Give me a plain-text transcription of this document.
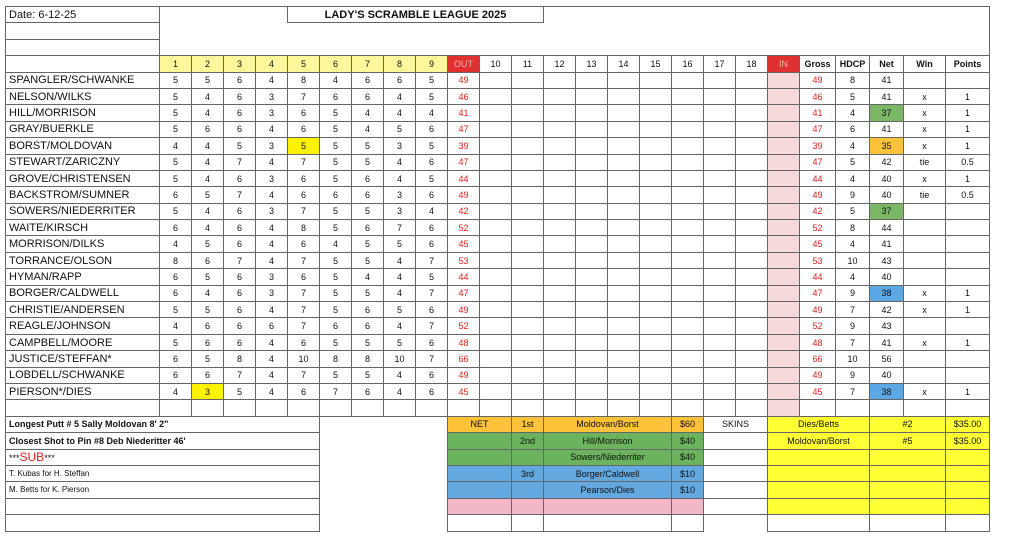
Date: 6-12-25					LADY'S SCRAMBLE LEAGUE 2025																				

	1	2	3	4	5	6	7	8	9	OUT	10	11	12	13	14	15	16	17	18	IN	Gross	HDCP	Net	Win	Points
SPANGLER/SCHWANKE	5	5	6	4	8	4	6	6	5	49											49	8	41		
NELSON/WILKS	5	4	6	3	7	6	6	4	5	46											46	5	41	x	1
HILL/MORRISON	5	4	6	3	6	5	4	4	4	41											41	4	37	x	1
GRAY/BUERKLE	5	6	6	4	6	5	4	5	6	47											47	6	41	x	1
BORST/MOLDOVAN	4	4	5	3	5	5	5	3	5	39											39	4	35	x	1
STEWART/ZARICZNY	5	4	7	4	7	5	5	4	6	47											47	5	42	tie	0.5
GROVE/CHRISTENSEN	5	4	6	3	6	5	6	4	5	44											44	4	40	x	1
BACKSTROM/SUMNER	6	5	7	4	6	6	6	3	6	49											49	9	40	tie	0.5
SOWERS/NIEDERRITER	5	4	6	3	7	5	5	3	4	42											42	5	37		
WAITE/KIRSCH	6	4	6	4	8	5	6	7	6	52											52	8	44		
MORRISON/DILKS	4	5	6	4	6	4	5	5	6	45											45	4	41		
TORRANCE/OLSON	8	6	7	4	7	5	5	4	7	53											53	10	43		
HYMAN/RAPP	6	5	6	3	6	5	4	4	5	44											44	4	40		
BORGER/CALDWELL	6	4	6	3	7	5	5	4	7	47											47	9	38	x	1
CHRISTIE/ANDERSEN	5	5	6	4	7	5	6	5	6	49											49	7	42	x	1
REAGLE/JOHNSON	4	6	6	6	7	6	6	4	7	52											52	9	43		
CAMPBELL/MOORE	5	6	6	4	6	5	5	5	6	48											48	7	41	x	1
JUSTICE/STEFFAN*	6	5	8	4	10	8	8	10	7	66											66	10	56		
LOBDELL/SCHWANKE	6	6	7	4	7	5	5	4	6	49											49	9	40		
PIERSON*/DIES	4	3	5	4	6	7	6	4	6	45											45	7	38	x	1

Longest Putt # 5 Sally Moldovan 8' 2"										NET		1st	Moldovan/Borst				$60	SKINS		Dies/Betts			#2		$35.00
Closest Shot to Pin #8 Deb Niederitter 46'												2nd	Hill/Morrison				$40			Moldovan/Borst			#5		$35.00
***SUB***													Sowers/Niederriter				$40								
T. Kubas for H. Steffan												3rd	Borger/Caldwell				$10								
M. Betts for K. Pierson													Pearson/Dies				$10								
